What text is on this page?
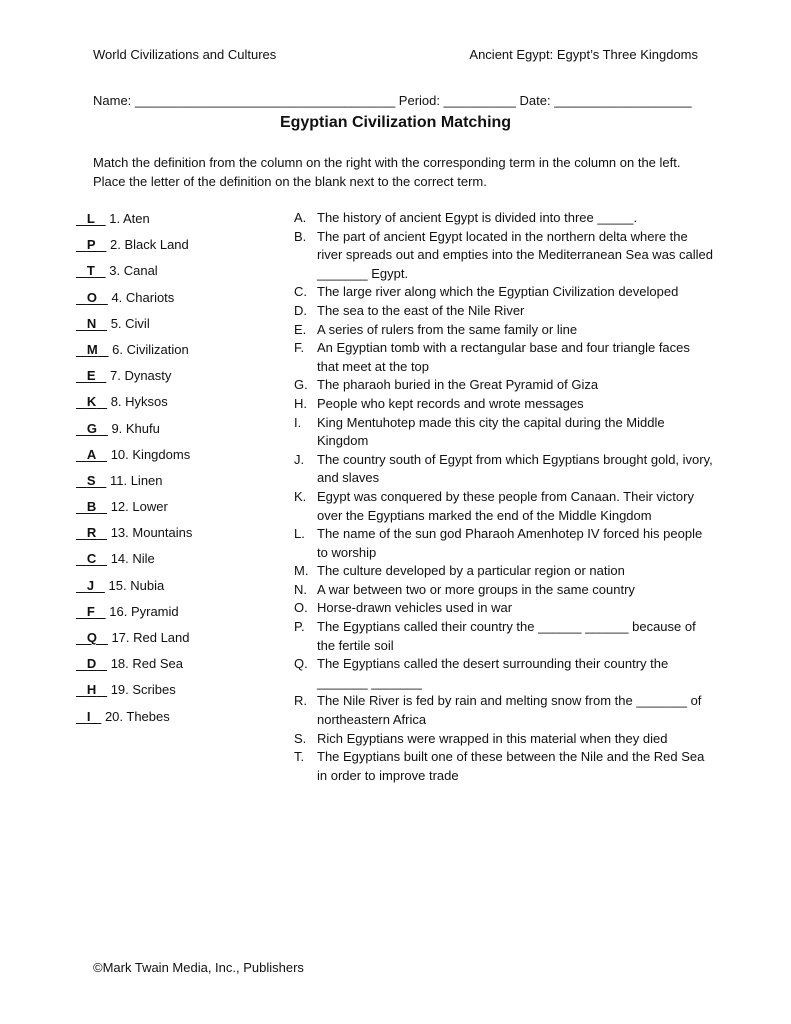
World Civilizations and Cultures	Ancient Egypt: Egypt’s Three Kingdoms
Name: ____________________________________ Period: __________ Date: ___________________
Egyptian Civilization Matching
Match the definition from the column on the right with the corresponding term in the column on the left. Place the letter of the definition on the blank next to the correct term.
L 1. Aten
P 2. Black Land
T 3. Canal
O 4. Chariots
N 5. Civil
M 6. Civilization
E 7. Dynasty
K 8. Hyksos
G 9. Khufu
A 10. Kingdoms
S 11. Linen
B 12. Lower
R 13. Mountains
C 14. Nile
J 15. Nubia
F 16. Pyramid
Q 17. Red Land
D 18. Red Sea
H 19. Scribes
I 20. Thebes
A. The history of ancient Egypt is divided into three _____.
B. The part of ancient Egypt located in the northern delta where the river spreads out and empties into the Mediterranean Sea was called _______ Egypt.
C. The large river along which the Egyptian Civilization developed
D. The sea to the east of the Nile River
E. A series of rulers from the same family or line
F. An Egyptian tomb with a rectangular base and four triangle faces that meet at the top
G. The pharaoh buried in the Great Pyramid of Giza
H. People who kept records and wrote messages
I.	King Mentuhotep made this city the capital during the Middle Kingdom
J. The country south of Egypt from which Egyptians brought gold, ivory, and slaves
K. Egypt was conquered by these people from Canaan. Their victory over the Egyptians marked the end of the Middle Kingdom
L. The name of the sun god Pharaoh Amenhotep IV forced his people to worship
M. The culture developed by a particular region or nation
N. A war between two or more groups in the same country
O. Horse-drawn vehicles used in war
P. The Egyptians called their country the ______ ______ because of the fertile soil
Q. The Egyptians called the desert surrounding their country the _______ _______
R. The Nile River is fed by rain and melting snow from the _______ of northeastern Africa
S. Rich Egyptians were wrapped in this material when they died
T. The Egyptians built one of these between the Nile and the Red Sea in order to improve trade
©Mark Twain Media, Inc., Publishers
